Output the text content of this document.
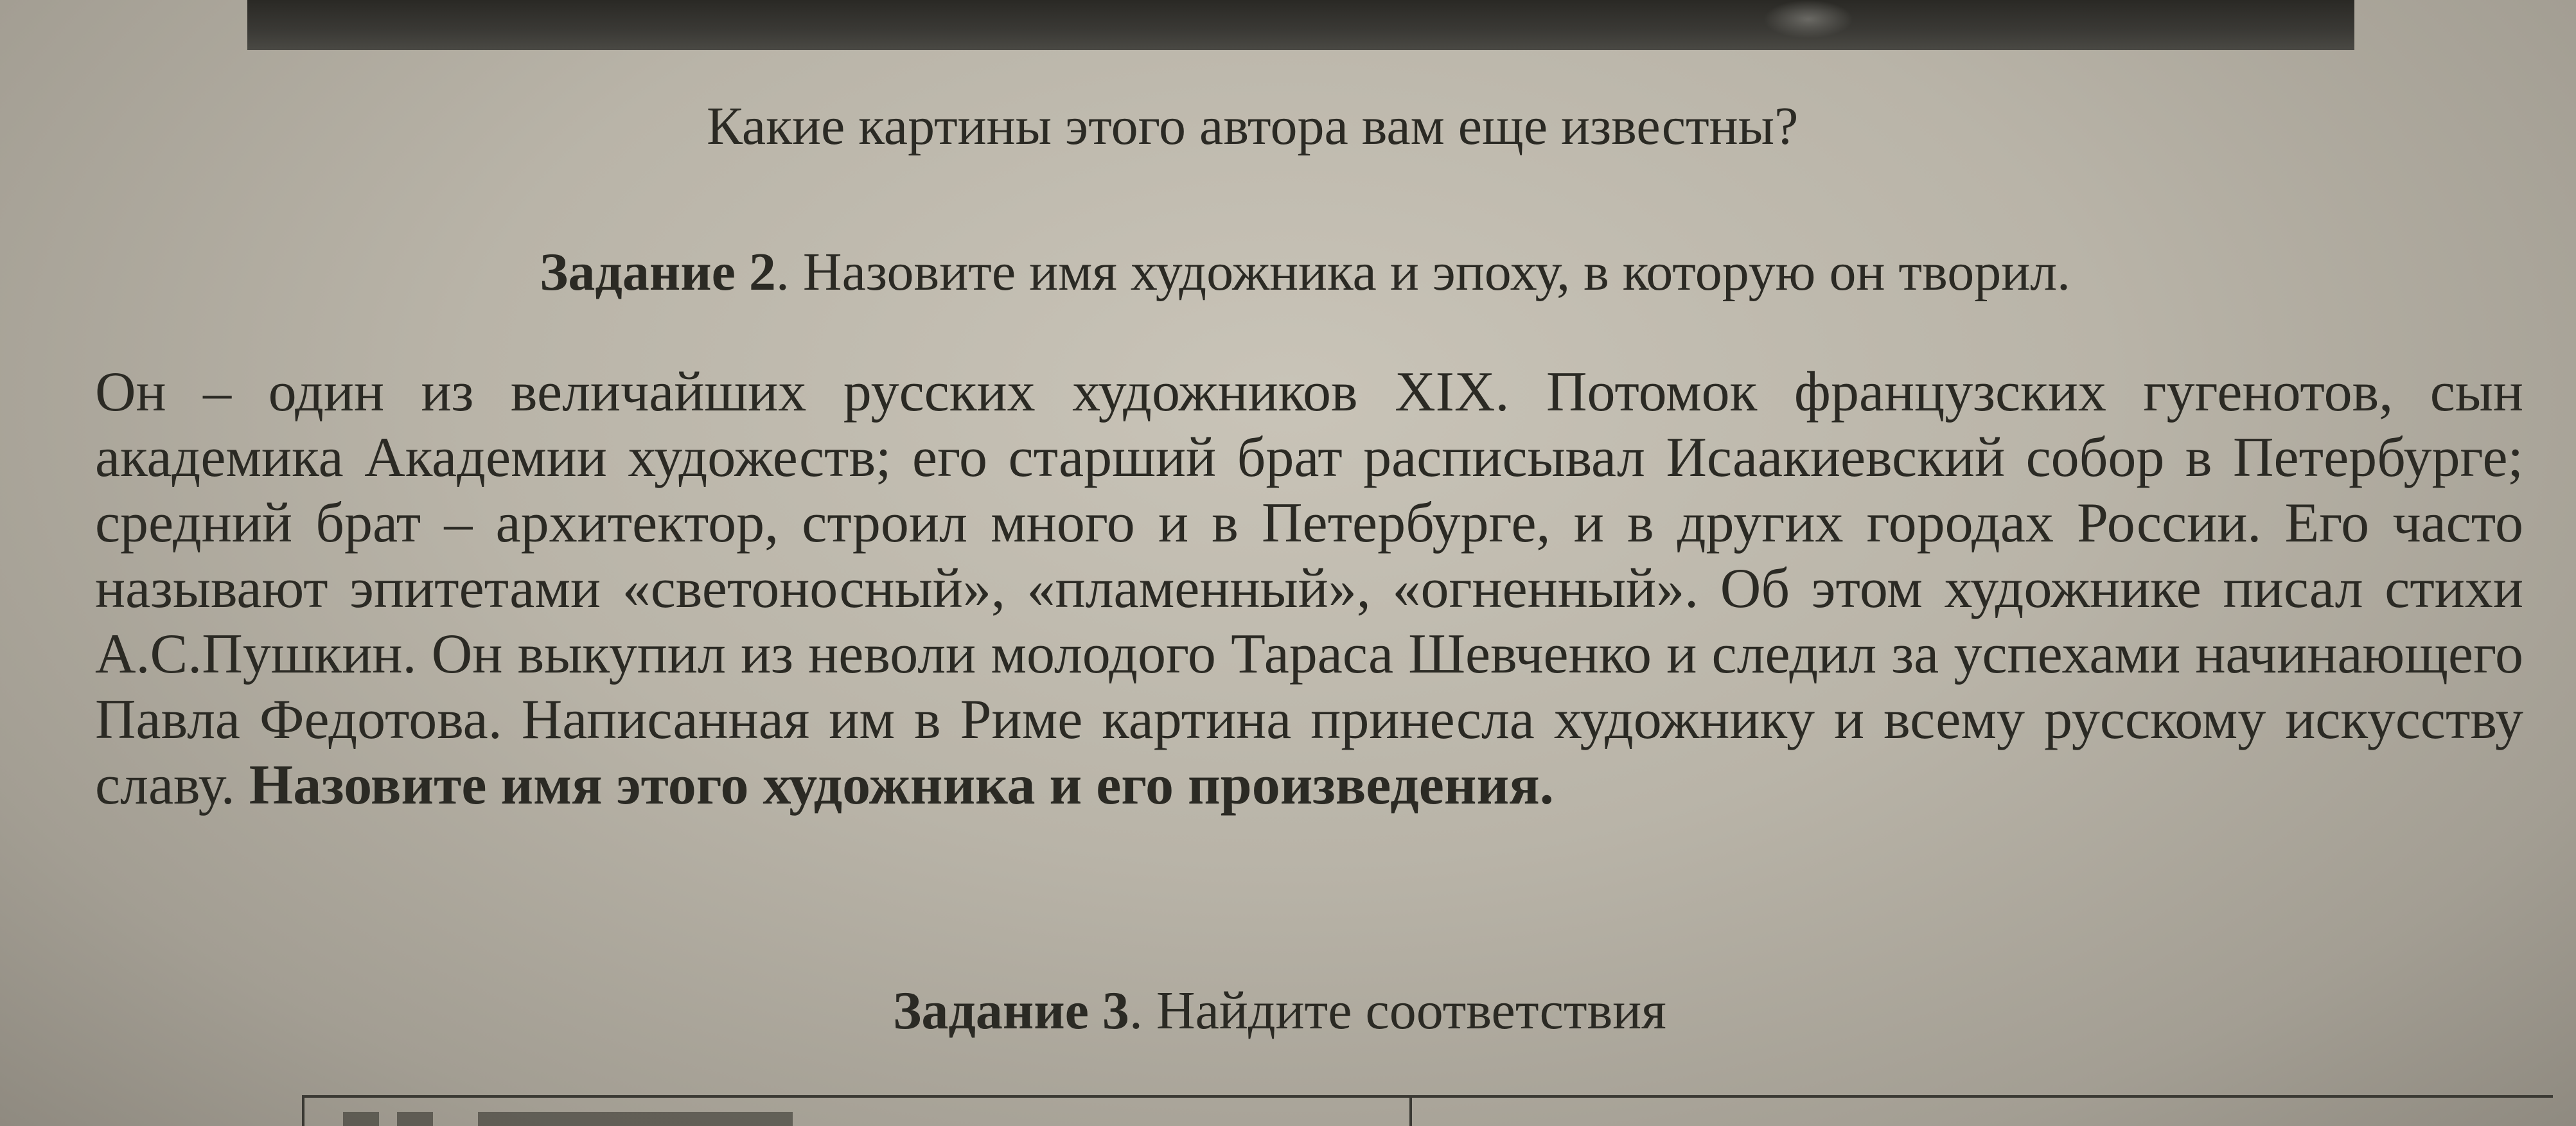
Какие картины этого автора вам еще известны?
Задание 2. Назовите имя художника и эпоху, в которую он творил.
Он – один из величайших русских художников XIX. Потомок французских гугенотов, сын академика Академии художеств; его старший брат расписывал Исаакиевский собор в Петербурге; средний брат – архитектор, строил много и в Петербурге, и в других городах России. Его часто называют эпитетами «светоносный», «пламенный», «огненный». Об этом художнике писал стихи А.С.Пушкин. Он выкупил из неволи молодого Тараса Шевченко и следил за успехами начинающего Павла Федотова. Написанная им в Риме картина принесла художнику и всему русскому искусству славу. Назовите имя этого художника и его произведения.
Задание 3. Найдите соответствия
